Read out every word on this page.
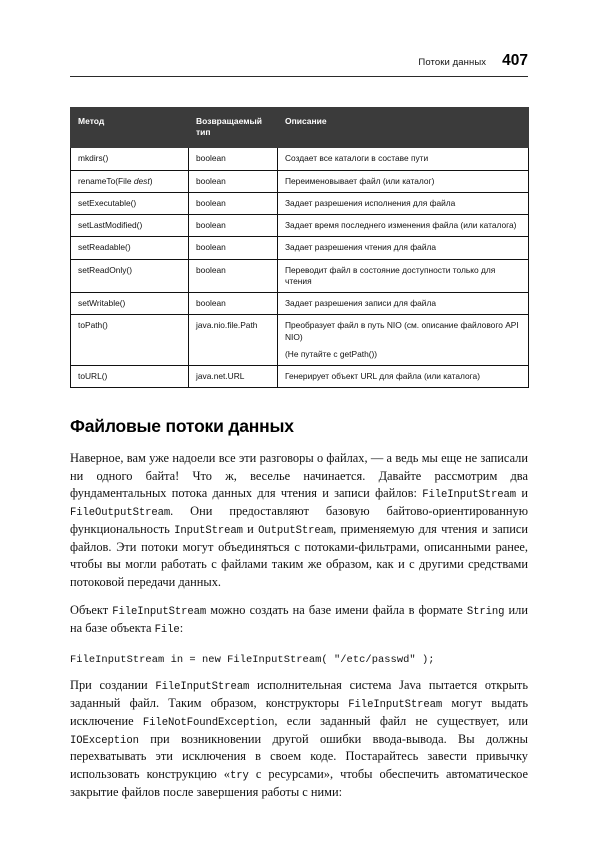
Потоки данных 407
Метод	Возвращаемый тип	Описание
mkdirs()	boolean	Создает все каталоги в составе пути

renameTo(File dest)	boolean	Переименовывает файл (или каталог)

setExecutable()	boolean	Задает разрешения исполнения для файла

setLastModified()	boolean	Задает время последнего изменения файла (или каталога)

setReadable()	boolean	Задает разрешения чтения для файла

setReadOnly()	boolean	Переводит файл в состояние доступности только для чтения

setWritable()	boolean	Задает разрешения записи для файла

toPath()	java.nio.file.Path	Преобразует файл в путь NIO (см. описание файлового API NIO)

(Не путайте с getPath())

toURL()	java.net.URL	Генерирует объект URL для файла (или каталога)

Файловые потоки данных

Наверное, вам уже надоели все эти разговоры о файлах, — а ведь мы еще не записали ни одного байта! Что ж, веселье начинается. Давайте рассмотрим два фундаментальных потока данных для чтения и записи файлов: FileInputStream и FileOutputStream. Они предоставляют базовую байтово-ориентированную функциональность InputStream и OutputStream, применяемую для чтения и записи файлов. Эти потоки могут объединяться с потоками-фильтрами, описанными ранее, чтобы вы могли работать с файлами таким же образом, как и с другими средствами потоковой передачи данных.

Объект FileInputStream можно создать на базе имени файла в формате String или на базе объекта File:

FileInputStream in = new FileInputStream( "/etc/passwd" );

При создании FileInputStream исполнительная система Java пытается открыть заданный файл. Таким образом, конструкторы FileInputStream могут выдать исключение FileNotFoundException, если заданный файл не существует, или IOException при возникновении другой ошибки ввода-вывода. Вы должны перехватывать эти исключения в своем коде. Постарайтесь завести привычку использовать конструкцию «try с ресурсами», чтобы обеспечить автоматическое закрытие файлов после завершения работы с ними:
